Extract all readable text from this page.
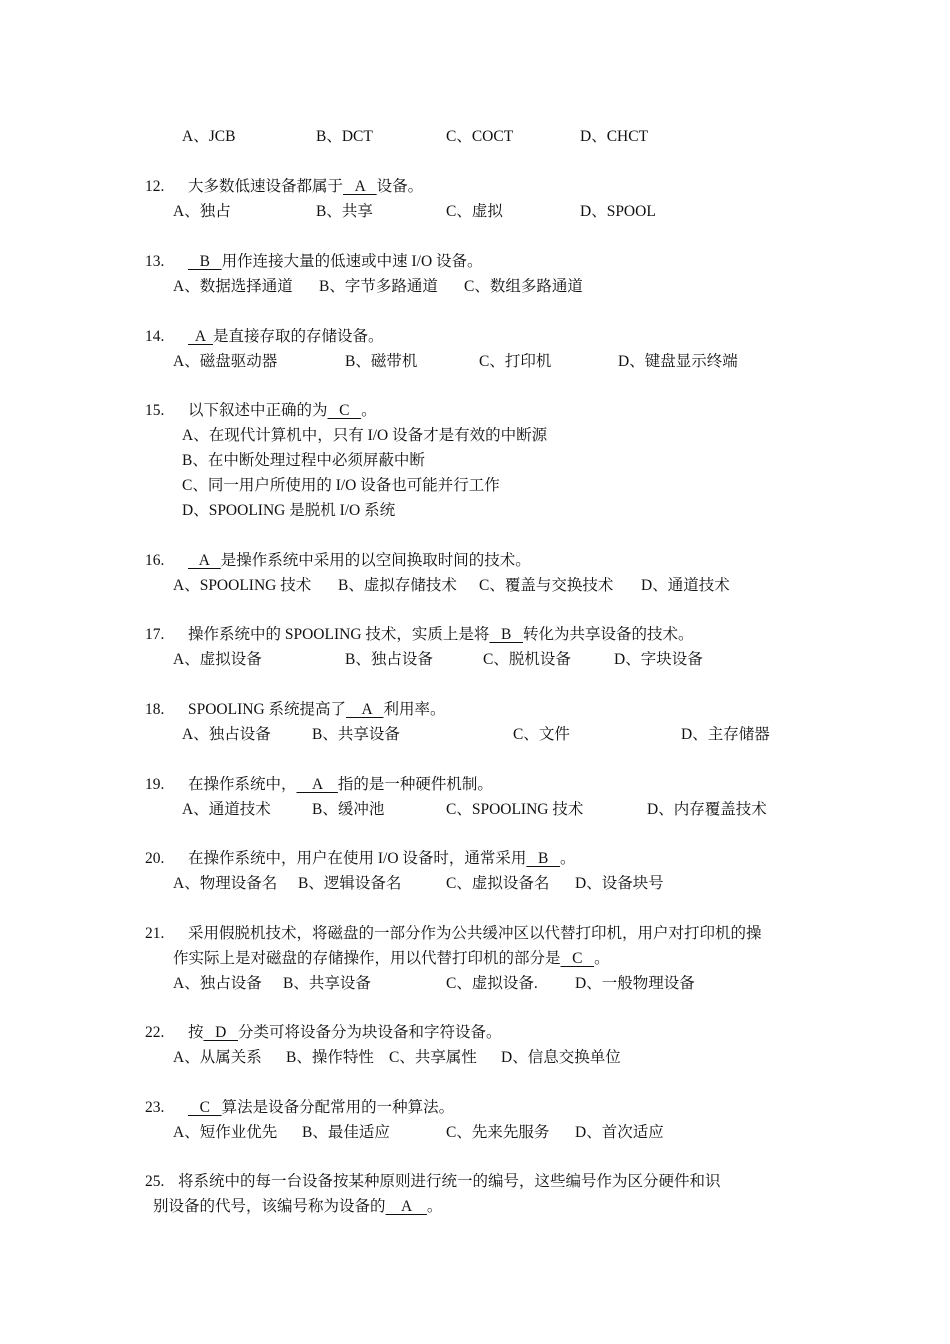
A、JCB	B、DCT	C、COCT	D、CHCT
12. 大多数低速设备都属于   A   设备。
A、独占	B、共享	C、虚拟	D、SPOOL
13. B   用作连接大量的低速或中速 I/O 设备。
A、数据选择通道 B、字节多路通道 C、数组多路通道
14. A  是直接存取的存储设备。
A、磁盘驱动器	B、磁带机	C、打印机	D、键盘显示终端
15. 以下叙述中正确的为   C   。
A、在现代计算机中，只有 I/O 设备才是有效的中断源
B、在中断处理过程中必须屏蔽中断
C、同一用户所使用的 I/O 设备也可能并行工作
D、SPOOLING 是脱机 I/O 系统
16. A   是操作系统中采用的以空间换取时间的技术。
A、SPOOLING 技术 B、虚拟存储技术 C、覆盖与交换技术 D、通道技术
17. 操作系统中的 SPOOLING 技术，实质上是将   B   转化为共享设备的技术。
A、虚拟设备	B、独占设备	C、脱机设备	D、字块设备
18. SPOOLING 系统提高了    A   利用率。
A、独占设备	B、共享设备	C、文件	D、主存储器
19. 在操作系统中，    A    指的是一种硬件机制。
A、通道技术	B、缓冲池	C、SPOOLING 技术	D、内存覆盖技术
20. 在操作系统中，用户在使用 I/O 设备时，通常采用   B   。
A、物理设备名 B、逻辑设备名	C、虚拟设备名 D、设备块号
21. 采用假脱机技术，将磁盘的一部分作为公共缓冲区以代替打印机，用户对打印机的操
作实际上是对磁盘的存储操作，用以代替打印机的部分是   C   。
A、独占设备 B、共享设备	C、虚拟设备. D、一般物理设备
22. 按   D   分类可将设备分为块设备和字符设备。
A、从属关系 B、操作特性 C、共享属性 D、信息交换单位
23. C   算法是设备分配常用的一种算法。
A、短作业优先 B、最佳适应	C、先来先服务 D、首次适应
25. 将系统中的每一台设备按某种原则进行统一的编号，这些编号作为区分硬件和识
别设备的代号，该编号称为设备的    A    。
